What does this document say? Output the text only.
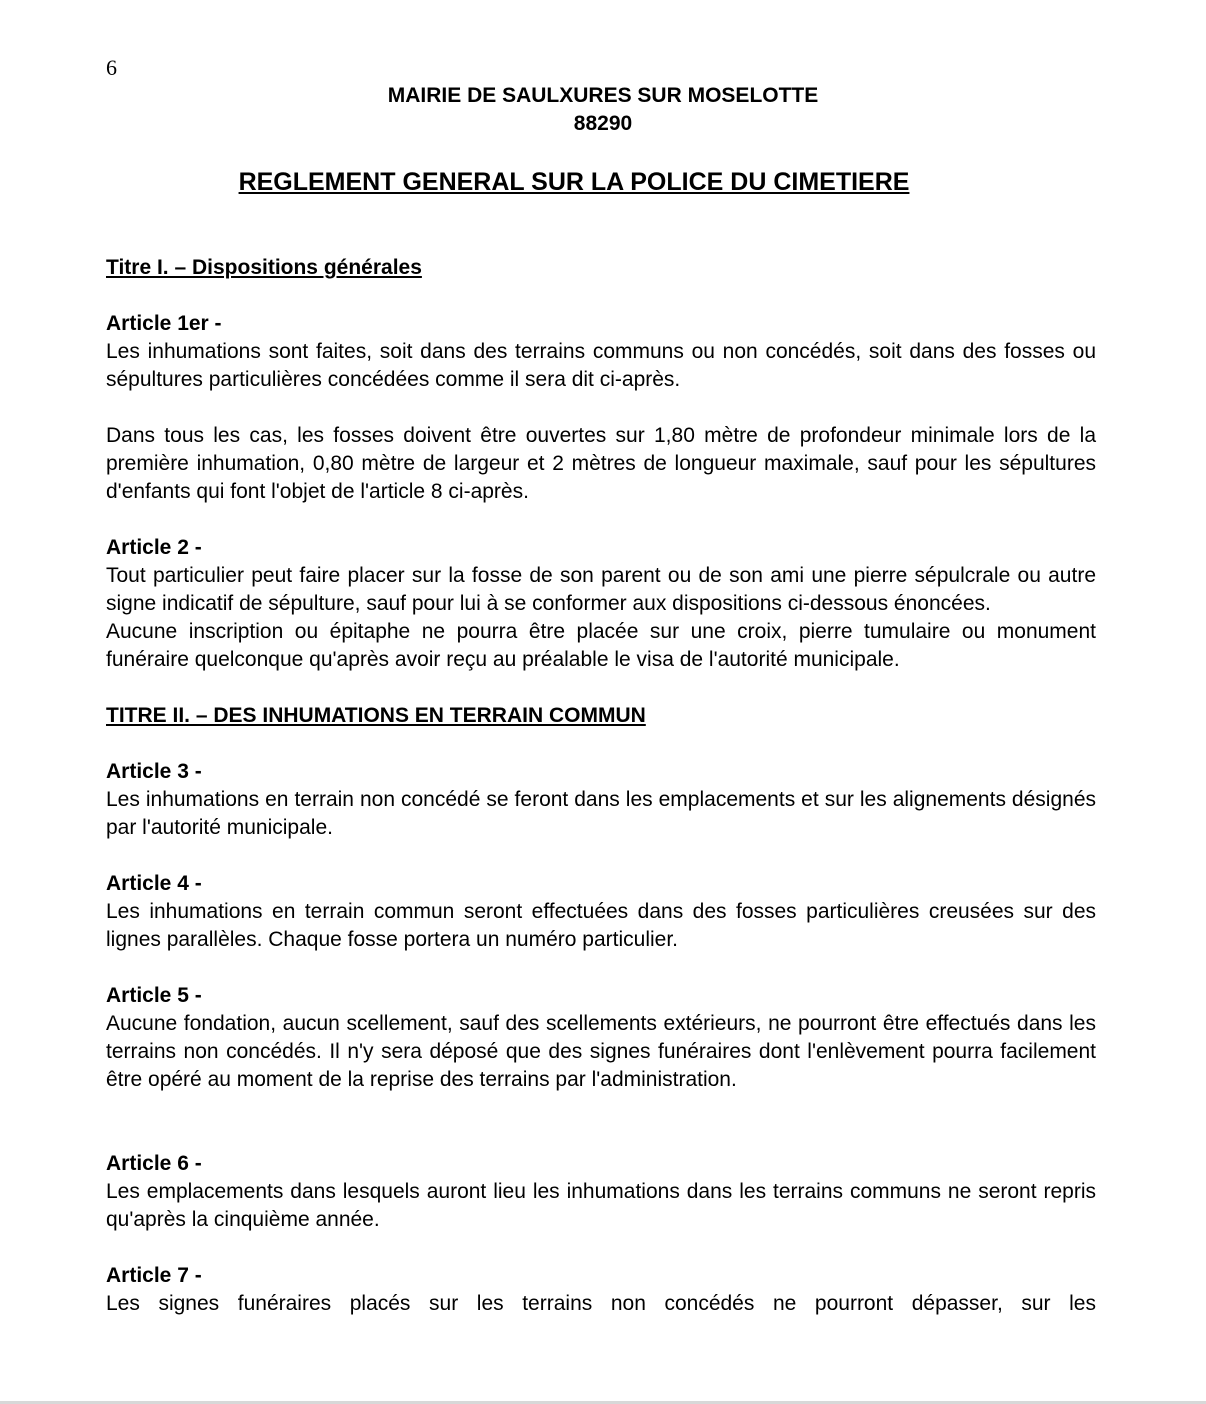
6
MAIRIE DE SAULXURES SUR MOSELOTTE
88290
REGLEMENT GENERAL SUR LA POLICE DU CIMETIERE

Titre I. – Dispositions générales

Article 1er -

Les inhumations sont faites, soit dans des terrains communs ou non concédés, soit dans des fosses ou sépultures particulières concédées comme il sera dit ci-après.

Dans tous les cas, les fosses doivent être ouvertes sur 1,80 mètre de profondeur minimale lors de la première inhumation, 0,80 mètre de largeur et 2 mètres de longueur maximale, sauf pour les sépultures d'enfants qui font l'objet de l'article 8 ci-après.

Article 2 -

Tout particulier peut faire placer sur la fosse de son parent ou de son ami une pierre sépulcrale ou autre signe indicatif de sépulture, sauf pour lui à se conformer aux dispositions ci-dessous énoncées.

Aucune inscription ou épitaphe ne pourra être placée sur une croix, pierre tumulaire ou monument funéraire quelconque qu'après avoir reçu au préalable le visa de l'autorité municipale.

TITRE II. – DES INHUMATIONS EN TERRAIN COMMUN

Article 3 -

Les inhumations en terrain non concédé se feront dans les emplacements et sur les alignements désignés par l'autorité municipale.

Article 4 -

Les inhumations en terrain commun seront effectuées dans des fosses particulières creusées sur des lignes parallèles. Chaque fosse portera un numéro particulier.

Article 5 -

Aucune fondation, aucun scellement, sauf des scellements extérieurs, ne pourront être effectués dans les terrains non concédés. Il n'y sera déposé que des signes funéraires dont l'enlèvement pourra facilement être opéré au moment de la reprise des terrains par l'administration.

Article 6 -

Les emplacements dans lesquels auront lieu les inhumations dans les terrains communs ne seront repris qu'après la cinquième année.

Article 7 -

Les signes funéraires placés sur les terrains non concédés ne pourront dépasser, sur les
